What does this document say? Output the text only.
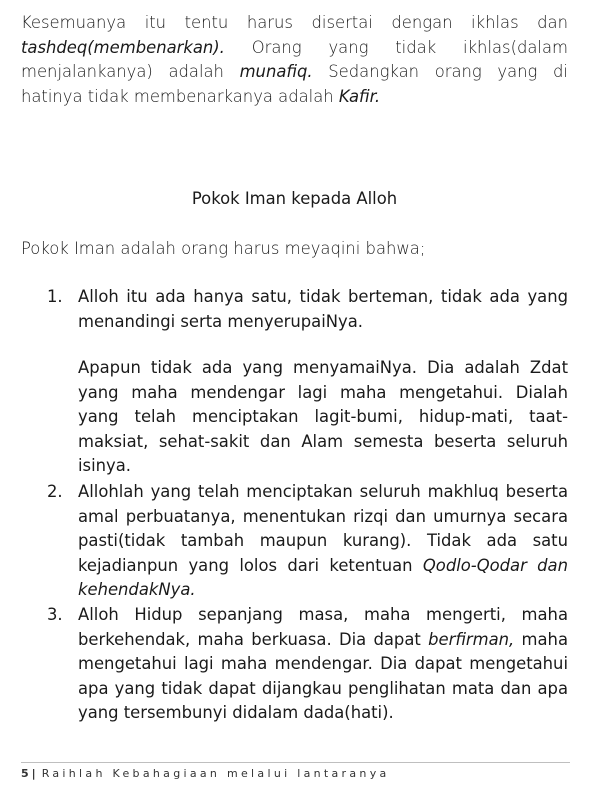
Kesemuanya itu tentu harus disertai dengan ikhlas dan tashdeq(membenarkan). Orang yang tidak ikhlas(dalam menjalankanya) adalah munafiq. Sedangkan orang yang di hatinya tidak membenarkanya adalah Kafir.

Pokok Iman kepada Alloh

Pokok Iman adalah orang harus meyaqini bahwa;

1. Alloh itu ada hanya satu, tidak berteman, tidak ada yang menandingi serta menyerupaiNya.

Apapun tidak ada yang menyamaiNya. Dia adalah Zdat yang maha mendengar lagi maha mengetahui. Dialah yang telah menciptakan lagit-bumi, hidup-mati, taat-maksiat, sehat-sakit dan Alam semesta beserta seluruh isinya.

2. Allohlah yang telah menciptakan seluruh makhluq beserta amal perbuatanya, menentukan rizqi dan umurnya secara pasti(tidak tambah maupun kurang). Tidak ada satu kejadianpun yang lolos dari ketentuan Qodlo-Qodar dan kehendakNya.

3. Alloh Hidup sepanjang masa, maha mengerti, maha berkehendak, maha berkuasa. Dia dapat berfirman, maha mengetahui lagi maha mendengar. Dia dapat mengetahui apa yang tidak dapat dijangkau penglihatan mata dan apa yang tersembunyi didalam dada(hati).

5 | Raihlah Kebahagiaan melalui lantaranya
